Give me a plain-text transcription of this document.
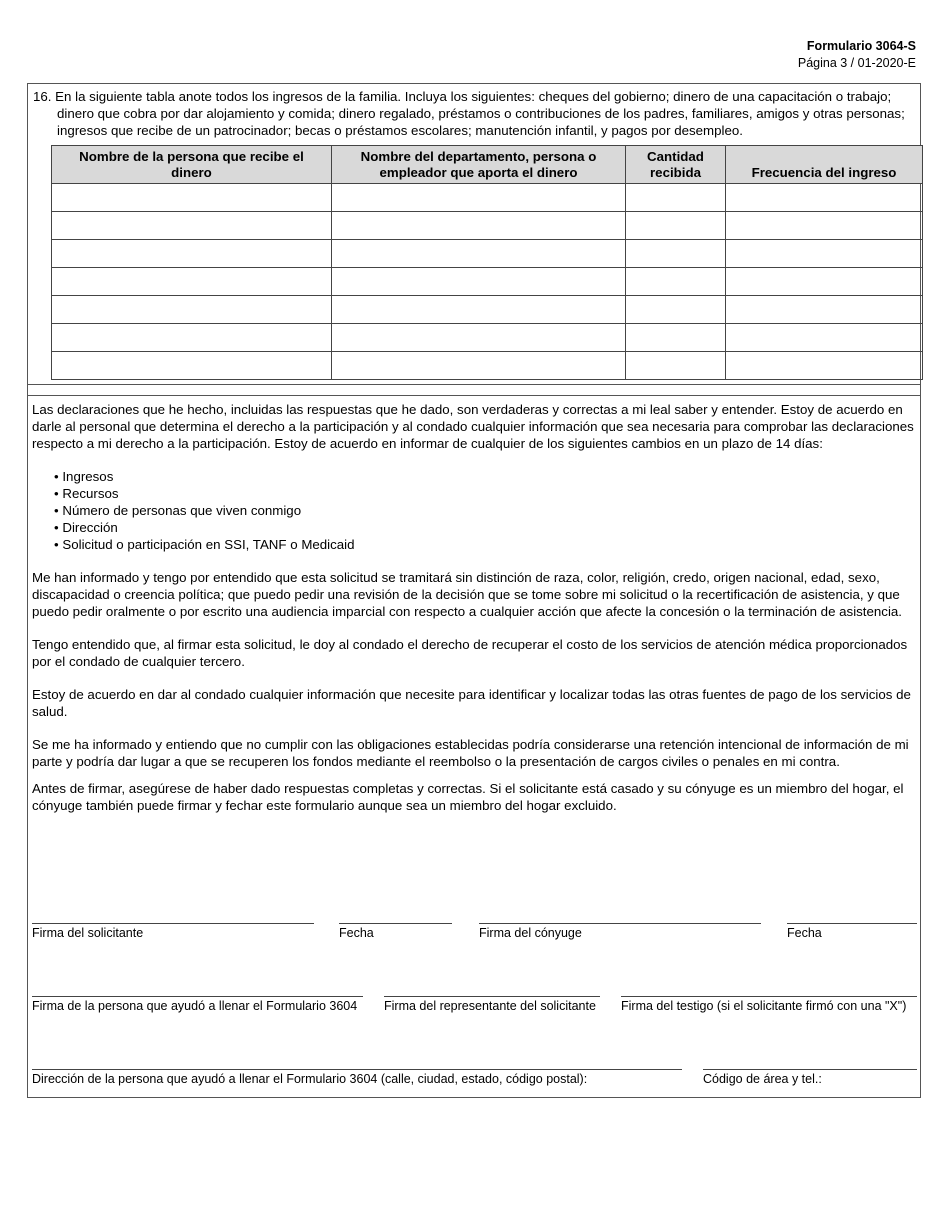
Formulario 3064-S
Página 3 / 01-2020-E
16. En la siguiente tabla anote todos los ingresos de la familia. Incluya los siguientes: cheques del gobierno; dinero de una capacitación o trabajo; dinero que cobra por dar alojamiento y comida; dinero regalado, préstamos o contribuciones de los padres, familiares, amigos y otras personas; ingresos que recibe de un patrocinador; becas o préstamos escolares; manutención infantil, y pagos por desempleo.
Nombre de la persona que recibe el dinero	Nombre del departamento, persona o empleador que aporta el dinero	Cantidad recibida	Frecuencia del ingreso

Las declaraciones que he hecho, incluidas las respuestas que he dado, son verdaderas y correctas a mi leal saber y entender. Estoy de acuerdo en darle al personal que determina el derecho a la participación y al condado cualquier información que sea necesaria para comprobar las declaraciones respecto a mi derecho a la participación. Estoy de acuerdo en informar de cualquier de los siguientes cambios en un plazo de 14 días:

• Ingresos
• Recursos
• Número de personas que viven conmigo
• Dirección
• Solicitud o participación en SSI, TANF o Medicaid

Me han informado y tengo por entendido que esta solicitud se tramitará sin distinción de raza, color, religión, credo, origen nacional, edad, sexo, discapacidad o creencia política; que puedo pedir una revisión de la decisión que se tome sobre mi solicitud o la recertificación de asistencia, y que puedo pedir oralmente o por escrito una audiencia imparcial con respecto a cualquier acción que afecte la concesión o la terminación de asistencia.

Tengo entendido que, al firmar esta solicitud, le doy al condado el derecho de recuperar el costo de los servicios de atención médica proporcionados por el condado de cualquier tercero.

Estoy de acuerdo en dar al condado cualquier información que necesite para identificar y localizar todas las otras fuentes de pago de los servicios de salud.

Se me ha informado y entiendo que no cumplir con las obligaciones establecidas podría considerarse una retención intencional de información de mi parte y podría dar lugar a que se recuperen los fondos mediante el reembolso o la presentación de cargos civiles o penales en mi contra.

Antes de firmar, asegúrese de haber dado respuestas completas y correctas. Si el solicitante está casado y su cónyuge es un miembro del hogar, el cónyuge también puede firmar y fechar este formulario aunque sea un miembro del hogar excluido.

Firma del solicitante	Fecha	Firma del cónyuge	Fecha
Firma de la persona que ayudó a llenar el Formulario 3604	Firma del representante del solicitante	Firma del testigo (si el solicitante firmó con una "X")
Dirección de la persona que ayudó a llenar el Formulario 3604 (calle, ciudad, estado, código postal):	Código de área y tel.:
